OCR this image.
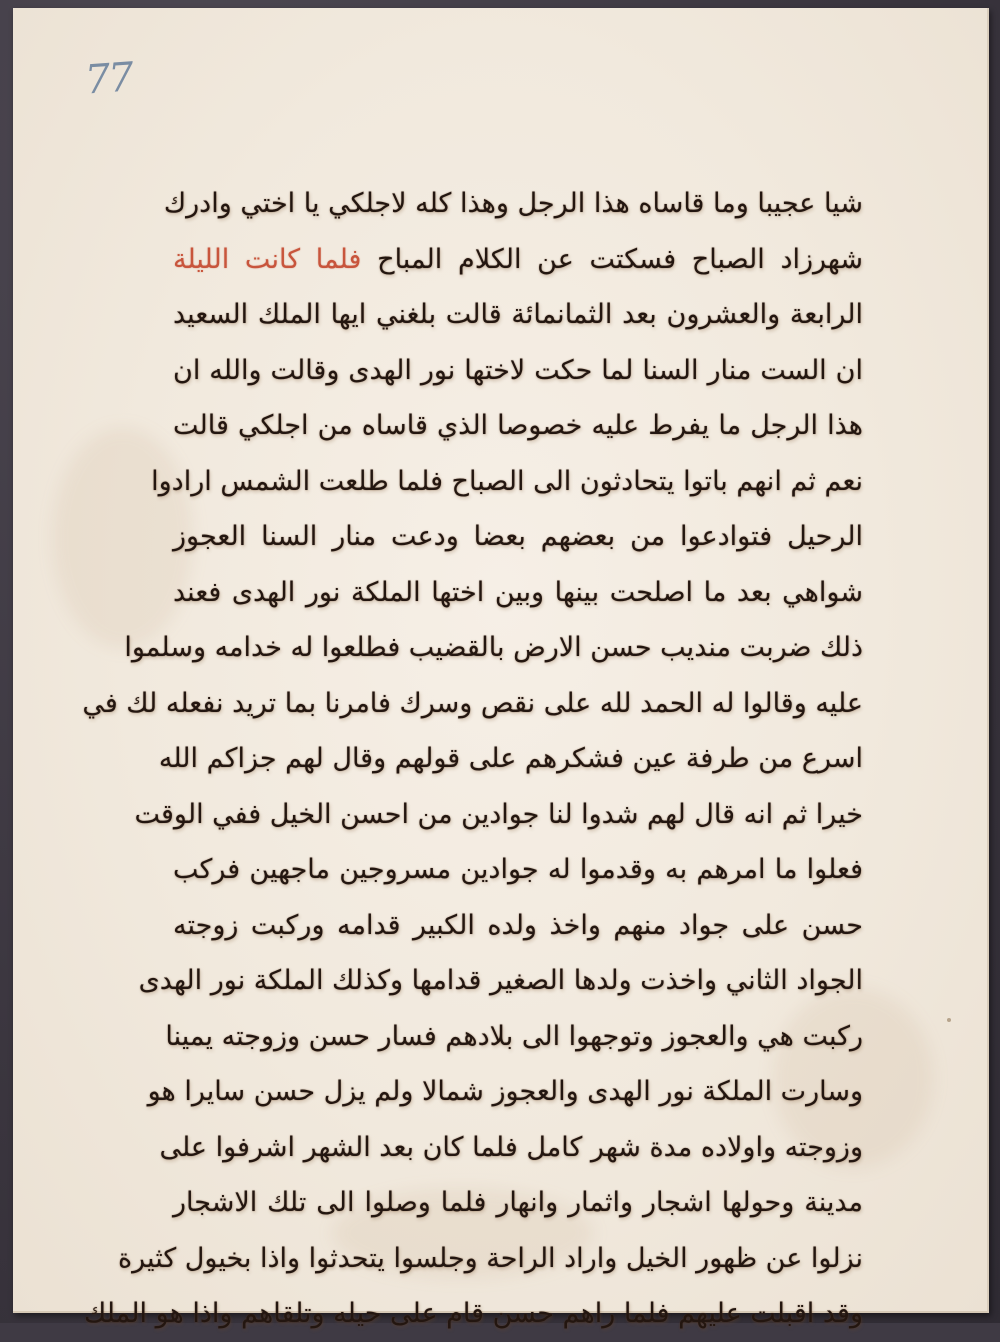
77
شيا عجيبا وما قاساه هذا الرجل وهذا كله لاجلكي يا اختي وادرك
شهرزاد الصباح فسكتت عن الكلام المباح فلما كانت الليلة
الرابعة والعشرون بعد الثمانمائة قالت بلغني ايها الملك السعيد
ان الست منار السنا لما حكت لاختها نور الهدى وقالت والله ان
هذا الرجل ما يفرط عليه خصوصا الذي قاساه من اجلكي قالت
نعم ثم انهم باتوا يتحادثون الى الصباح فلما طلعت الشمس ارادوا
الرحيل فتوادعوا من بعضهم بعضا ودعت منار السنا العجوز
شواهي بعد ما اصلحت بينها وبين اختها الملكة نور الهدى فعند
ذلك ضربت منديب حسن الارض بالقضيب فطلعوا له خدامه وسلموا
عليه وقالوا له الحمد لله على نقص وسرك فامرنا بما تريد نفعله لك في
اسرع من طرفة عين فشكرهم على قولهم وقال لهم جزاكم الله
خيرا ثم انه قال لهم شدوا لنا جوادين من احسن الخيل ففي الوقت
فعلوا ما امرهم به وقدموا له جوادين مسروجين ماجهين فركب
حسن على جواد منهم واخذ ولده الكبير قدامه وركبت زوجته
الجواد الثاني واخذت ولدها الصغير قدامها وكذلك الملكة نور الهدى
ركبت هي والعجوز وتوجهوا الى بلادهم فسار حسن وزوجته يمينا
وسارت الملكة نور الهدى والعجوز شمالا ولم يزل حسن سايرا هو
وزوجته واولاده مدة شهر كامل فلما كان بعد الشهر اشرفوا على
مدينة وحولها اشجار واثمار وانهار فلما وصلوا الى تلك الاشجار
نزلوا عن ظهور الخيل واراد الراحة وجلسوا يتحدثوا واذا بخيول كثيرة
وقد اقبلت عليهم فلما راهم حسن قام على حيله وتلقاهم واذا هو الملك
